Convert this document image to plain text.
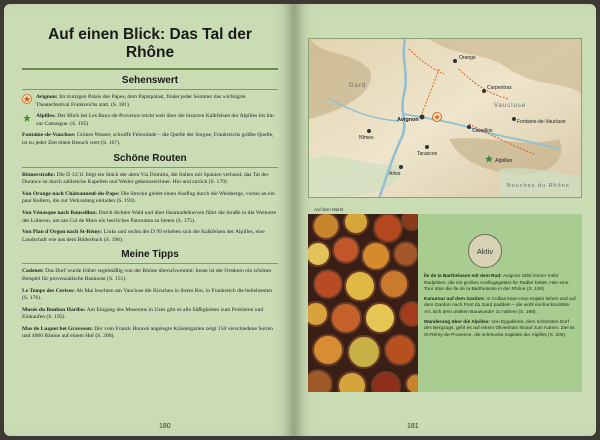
Auf einen Blick: Das Tal der Rhône
Sehenswert
Avignon: Im trutzigen Palais des Papes, dem Papstpalast, findet jeder Sommer das wichtigste Theaterfestival Frankreichs statt. (S. 181)
Alpilles: Der Blick bei Les Baux-de-Provence reicht weit über die bizarren Kalkfelsen der Alpilles bis hin zur Camargue. (S. 195)
Fontaine-de-Vaucluse: Grünes Wasser, schroffe Felswände – die Quelle der Sorgue, Frankreichs größte Quelle, ist zu jeder Zeit einen Besuch wert (S. 167).
Schöne Routen
Römerstraße: Die D 12/11 folgt ein Stück der alten Via Domitia, die Italien mit Spanien verband; das Tal der Durance ist durch zahlreiche Kapellen und Weiler gekennzeichnet. Hin und zurück (S. 179)
Von Orange nach Châteauneuf-du-Pape: Die Strecke gleitet einen Ausflug durch die Weinberge, vorbei an ein paar Kellern, die zur Verkostung einladen (S. 193).
Von Vénasque nach Roussillon: Durch dichten Wald und über Haarnadelkurven führt die Straße in die Weinorte des Luberon, um am Col de Murs ein herrliches Panorama zu bieten (S. 175).
Von Plan d'Orgon nach St-Rémy: Links und rechts der D 99 erheben sich die Kalkfelsen der Alpilles, eine Landschaft wie aus dem Bilderbuch (S. 196).
Meine Tipps
Cadenet: Das Dorf wurde früher regelmäßig von der Rhône überschwemmt; heute ist der Ortskern ein schönes Beispiel für provenzalische Baukunst (S. 151).
Le Temps des Cerises: Ab Mai leuchten am Vaucluse die Kirschen in ihrem Rot, in Frankreich die beliebtesten (S. 176).
Musée du Bonbon Haribo: Am Eingang des Museums in Uzès gibt es alle Süßigkeiten zum Probieren und Einkaufen (S. 195).
Mas de Luquet bei Graveson: Der vom Franck Honoré angelegte Kräutergarten zeigt 150 verschiedene Sorten und 4000 Bäume auf einem Hof (S. 200).
180
Orange
Carpentras
Vaucluse
Gard
Avignon	Fontaine-de-Vaucluse
Cavaillon
Alpilles
Bouches du Rhône
Nîmes
Arles
Tarascon
Auf dem Markt
Aktiv
Île de la Barthelasse mit dem Rad: Avignon zählt immer mehr Radpisten, die ein großes Ausflugsgebiet für Radler bietet. Hier eine Tour über die Île de la Barthelasse in der Rhône (S. 190).
Kanutour auf dem Gardon: In Collias kann man Kajaks leihen und auf dem Gardon nach Pont du Gard paddeln – die wohl eindrucksvollste Art, sich dem antiken Bauwunder zu nähern (S. 198).
Wanderung über die Alpilles: Von Eygalières, dem schönsten Dorf des Bergzugs, geht es auf einem Olivenhain hinauf zum Kamm. Ziel ist St-Rémy-de-Provence, die schmucke Kapitale der Alpilles (S. 200).
181
